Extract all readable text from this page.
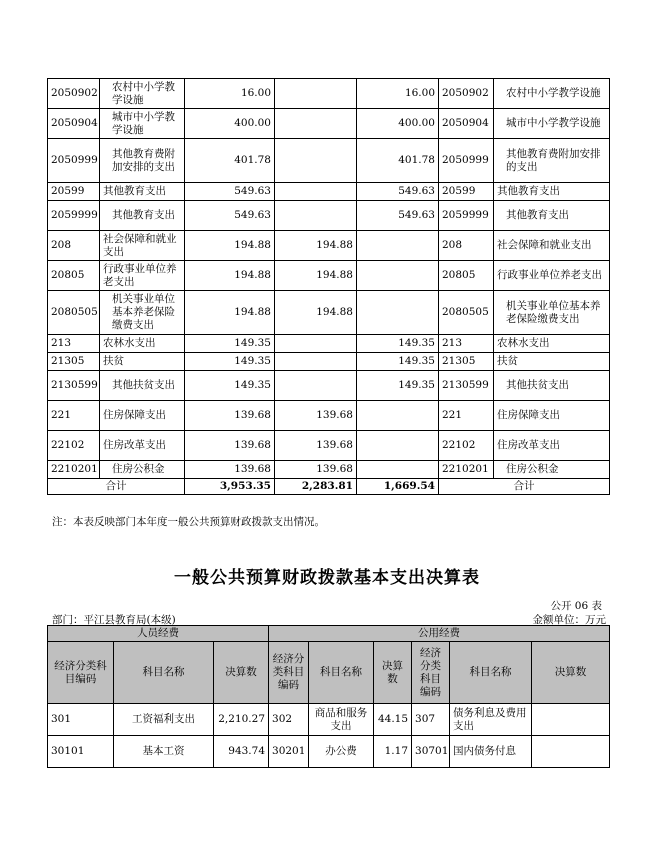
2050902	农村中小学教学设施	16.00		16.00	2050902	农村中小学教学设施
2050904	城市中小学教学设施	400.00		400.00	2050904	城市中小学教学设施
2050999	其他教育费附加安排的支出	401.78		401.78	2050999	其他教育费附加安排的支出
20599	其他教育支出	549.63		549.63	20599	其他教育支出
2059999	其他教育支出	549.63		549.63	2059999	其他教育支出
208	社会保障和就业支出	194.88	194.88		208	社会保障和就业支出
20805	行政事业单位养老支出	194.88	194.88		20805	行政事业单位养老支出
2080505	机关事业单位基本养老保险缴费支出	194.88	194.88		2080505	机关事业单位基本养老保险缴费支出
213	农林水支出	149.35		149.35	213	农林水支出
21305	扶贫	149.35		149.35	21305	扶贫
2130599	其他扶贫支出	149.35		149.35	2130599	其他扶贫支出
221	住房保障支出	139.68	139.68		221	住房保障支出
22102	住房改革支出	139.68	139.68		22102	住房改革支出
2210201	住房公积金	139.68	139.68		2210201	住房公积金
合计		3,953.35	2,283.81	1,669.54	合计	
注：本表反映部门本年度一般公共预算财政拨款支出情况。
一般公共预算财政拨款基本支出决算表
公开 06 表
部门：平江县教育局(本级)	金额单位：万元
人员经费			公用经费					
经济分类科目编码	科目名称	决算数	经济分类科目编码	科目名称	决算数	经济分类科目编码	科目名称	决算数
301	工资福利支出	2,210.27	302	商品和服务支出	44.15	307	债务利息及费用支出	
30101	基本工资	943.74	30201	办公费	1.17	30701	国内债务付息	
